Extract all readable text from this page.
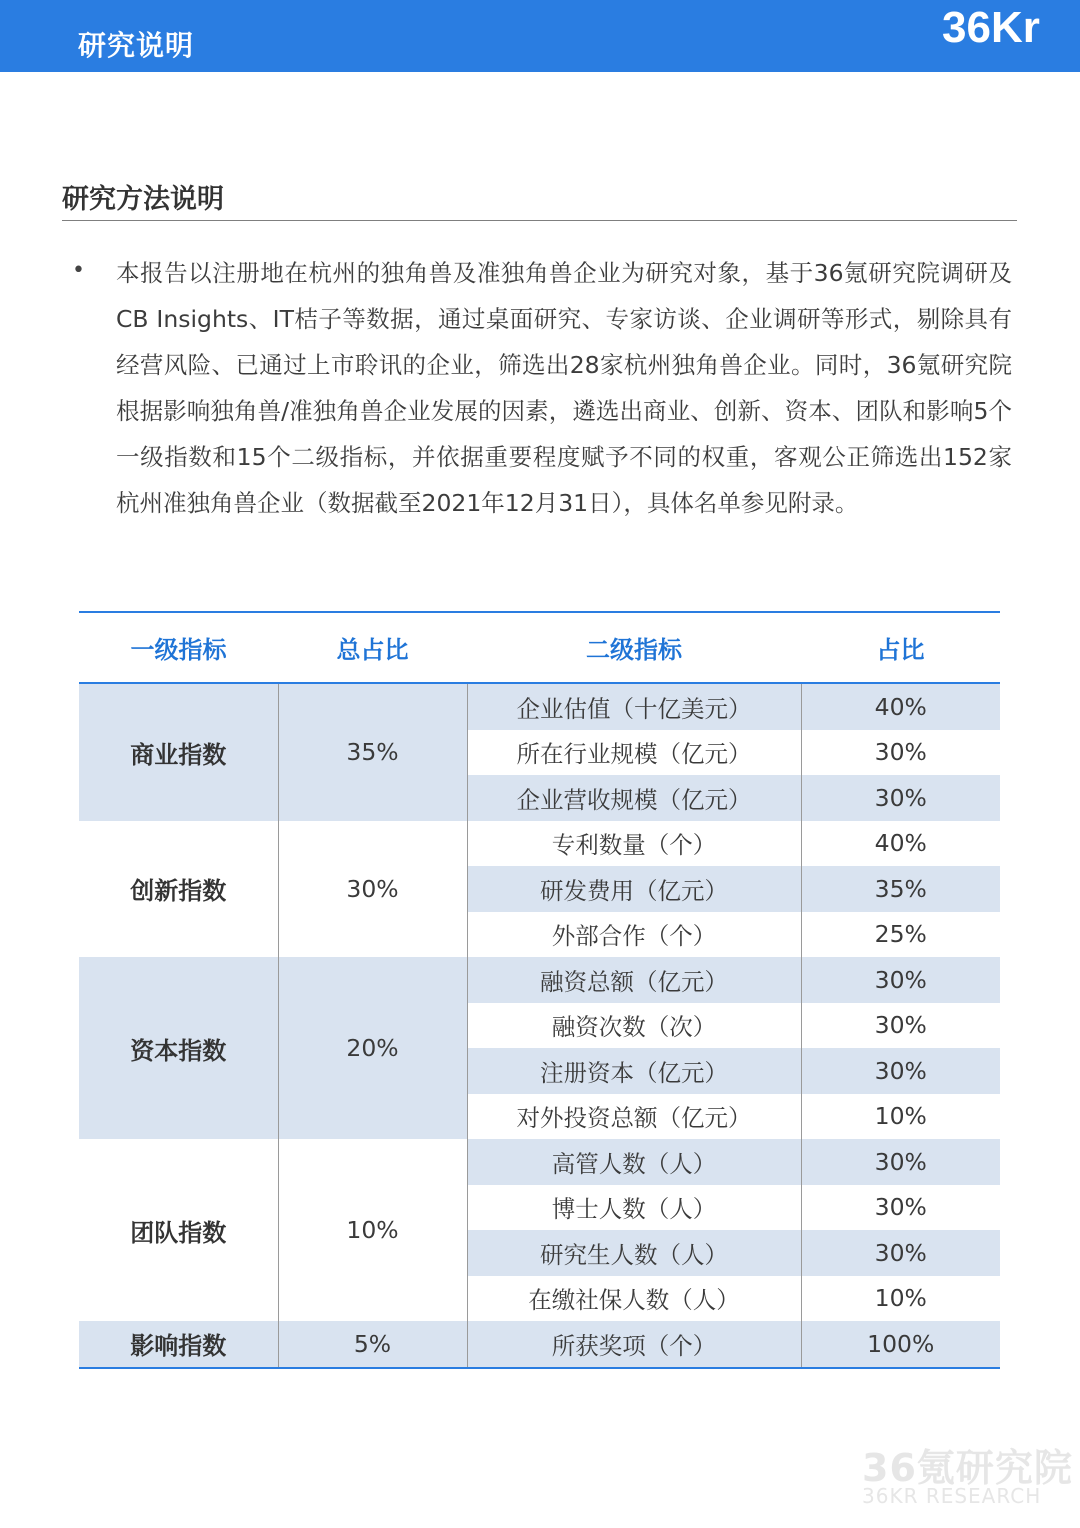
研究说明	36Kr
研究方法说明
• 本报告以注册地在杭州的独角兽及准独角兽企业为研究对象，基于36氪研究院调研及CB Insights、IT桔子等数据，通过桌面研究、专家访谈、企业调研等形式，剔除具有经营风险、已通过上市聆讯的企业，筛选出28家杭州独角兽企业。同时，36氪研究院根据影响独角兽/准独角兽企业发展的因素，遴选出商业、创新、资本、团队和影响5个一级指数和15个二级指标，并依据重要程度赋予不同的权重，客观公正筛选出152家杭州准独角兽企业（数据截至2021年12月31日），具体名单参见附录。
一级指标	总占比	二级指标	占比
商业指数	35%	企业估值（十亿美元）	40%
		所在行业规模（亿元）	30%
		企业营收规模（亿元）	30%
创新指数	30%	专利数量（个）	40%
		研发费用（亿元）	35%
		外部合作（个）	25%
资本指数	20%	融资总额（亿元）	30%
		融资次数（次）	30%
		注册资本（亿元）	30%
		对外投资总额（亿元）	10%
团队指数	10%	高管人数（人）	30%
		博士人数（人）	30%
		研究生人数（人）	30%
		在缴社保人数（人）	10%
影响指数	5%	所获奖项（个）	100%
36氪研究院
36KR RESEARCH
